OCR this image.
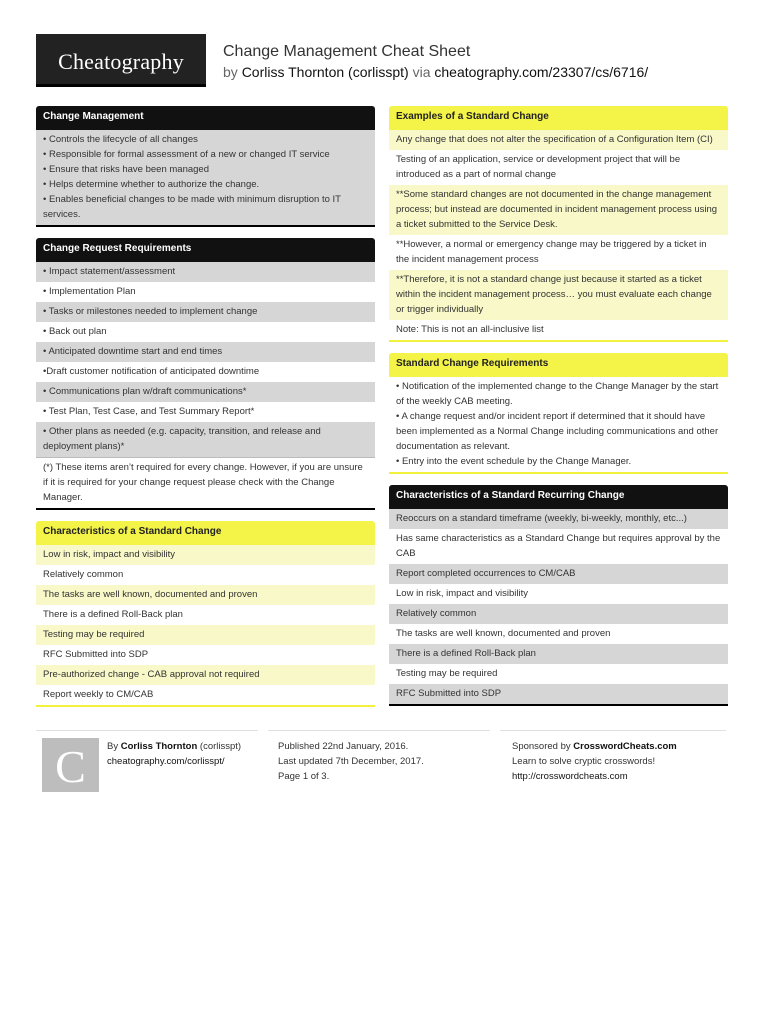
Cheatography	Change Management Cheat Sheet
by Corliss Thornton (corlisspt) via cheatography.com/23307/cs/6716/
Change Management
• Controls the lifecycle of all changes
• Responsible for formal assessment of a new or changed IT service
• Ensure that risks have been managed
• Helps determine whether to authorize the change.
• Enables beneficial changes to be made with minimum disruption to IT services.
Change Request Requirements
• Impact statement/assessment
• Implementation Plan
• Tasks or milestones needed to implement change
• Back out plan
• Anticipated downtime start and end times
•Draft customer notification of anticipated downtime
• Communications plan w/draft communications*
• Test Plan, Test Case, and Test Summary Report*
• Other plans as needed (e.g. capacity, transition, and release and deployment plans)*
(*) These items aren’t required for every change. However, if you are unsure if it is required for your change request please check with the Change Manager.
Characteristics of a Standard Change
Low in risk, impact and visibility
Relatively common
The tasks are well known, documented and proven
There is a defined Roll-Back plan
Testing may be required
RFC Submitted into SDP
Pre-authorized change - CAB approval not required
Report weekly to CM/CAB
Examples of a Standard Change
Any change that does not alter the specification of a Configuration Item (CI)
Testing of an application, service or development project that will be introduced as a part of normal change
**Some standard changes are not documented in the change management process; but instead are documented in incident management process using a ticket submitted to the Service Desk.
**However, a normal or emergency change may be triggered by a ticket in the incident management process
**Therefore, it is not a standard change just because it started as a ticket within the incident management process… you must evaluate each change or trigger individually
Note: This is not an all-inclusive list
Standard Change Requirements
• Notification of the implemented change to the Change Manager by the start of the weekly CAB meeting.
• A change request and/or incident report if determined that it should have been implemented as a Normal Change including communications and other documentation as relevant.
• Entry into the event schedule by the Change Manager.
Characteristics of a Standard Recurring Change
Reoccurs on a standard timeframe (weekly, bi-weekly, monthly, etc...)
Has same characteristics as a Standard Change but requires approval by the CAB
Report completed occurrences to CM/CAB
Low in risk, impact and visibility
Relatively common
The tasks are well known, documented and proven
There is a defined Roll-Back plan
Testing may be required
RFC Submitted into SDP
C	By Corliss Thornton (corlisspt)
cheatography.com/corlisspt/
Published 22nd January, 2016.
Last updated 7th December, 2017.
Page 1 of 3.
Sponsored by CrosswordCheats.com
Learn to solve cryptic crosswords!
http://crosswordcheats.com
